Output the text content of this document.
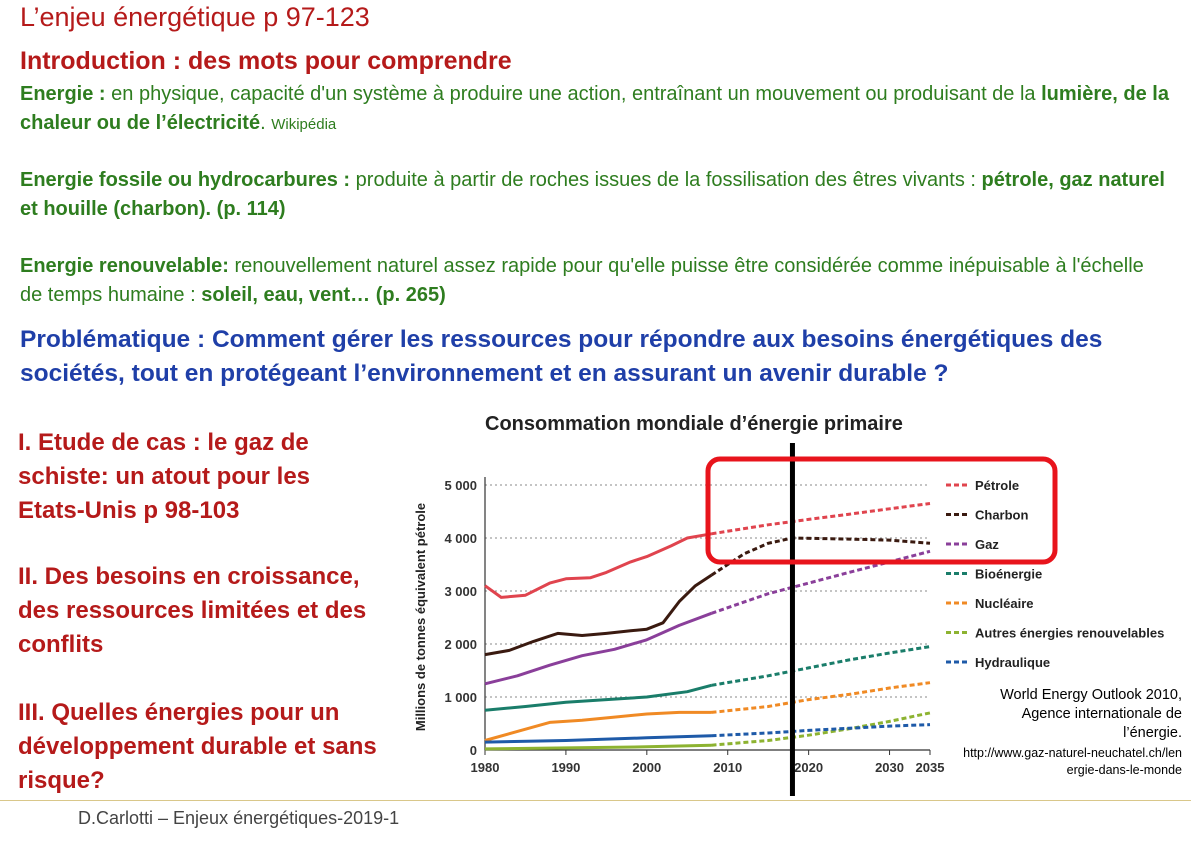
L’enjeu énergétique p 97-123
Introduction : des mots pour comprendre
Energie : en physique, capacité d'un système à produire une action, entraînant un mouvement ou produisant de la lumière, de la chaleur ou de l’électricité. Wikipédia
Energie fossile ou hydrocarbures : produite à partir de roches issues de la fossilisation des êtres vivants : pétrole, gaz naturel et houille (charbon). (p. 114)
Energie renouvelable: renouvellement naturel assez rapide pour qu'elle puisse être considérée comme inépuisable à l'échelle de temps humaine : soleil, eau, vent… (p. 265)
Problématique : Comment gérer les ressources pour répondre aux besoins énergétiques des sociétés, tout en protégeant l’environnement et en assurant un avenir durable ?
I. Etude de cas : le gaz de schiste: un atout pour les Etats-Unis p 98-103
II. Des besoins en croissance, des ressources limitées et des conflits
III. Quelles énergies pour un développement durable et sans risque?
Consommation mondiale d’énergie primaire
Millions de tonnes équivalent pétrole
0
1 000
2 000
3 000
4 000
5 000
1980	1990	2000	2010	2020	2030 2035
Pétrole
Charbon
Gaz
Bioénergie
Nucléaire
Autres énergies renouvelables
Hydraulique
World Energy Outlook 2010, Agence internationale de l’énergie.
http://www.gaz-naturel-neuchatel.ch/lenergie-dans-le-monde
D.Carlotti – Enjeux énergétiques-2019-1
